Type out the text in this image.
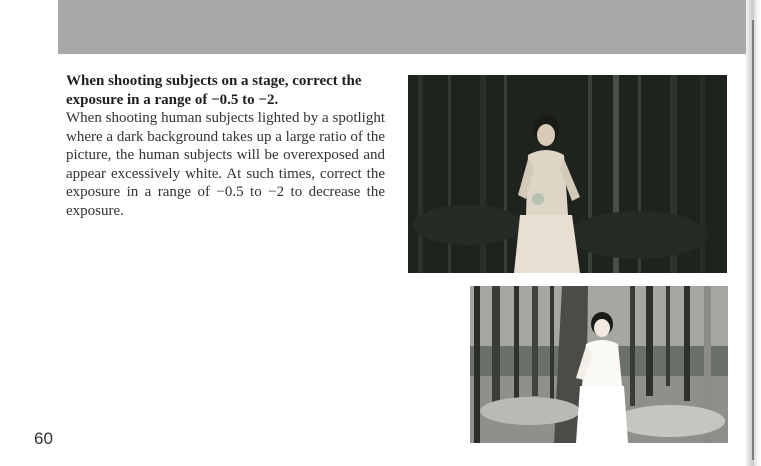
When shooting subjects on a stage, correct the exposure in a range of −0.5 to −2.

When shooting human subjects lighted by a spotlight where a dark background takes up a large ratio of the picture, the human subjects will be overexposed and appear excessively white. At such times, correct the exposure in a range of −0.5 to −2 to decrease the exposure.

60
